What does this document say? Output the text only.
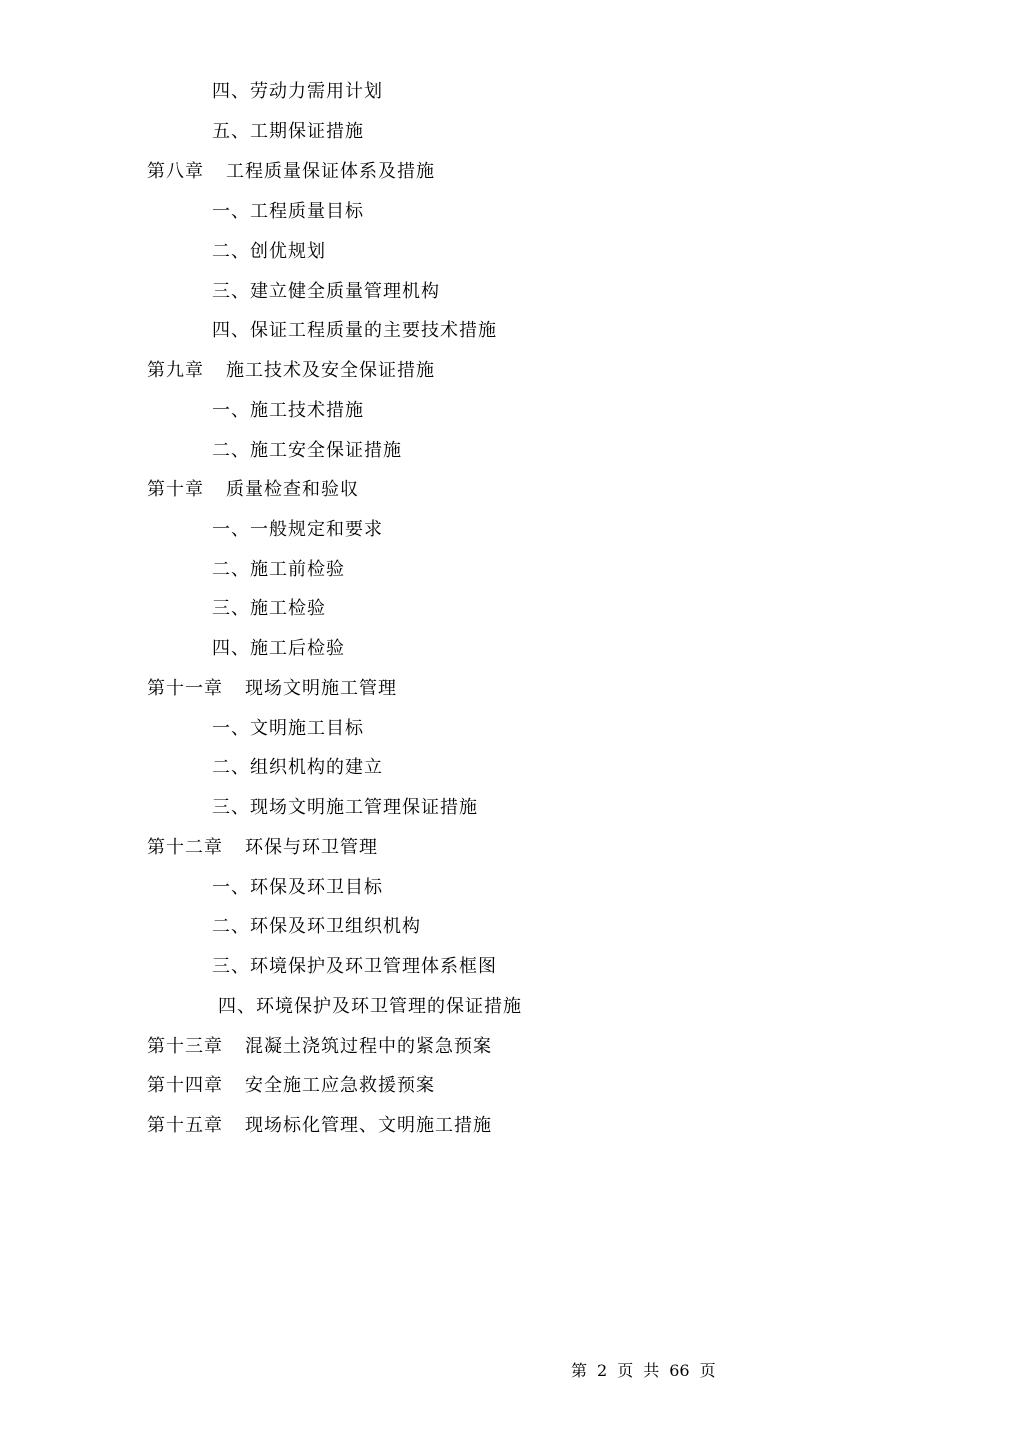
四、劳动力需用计划
五、工期保证措施
第八章 工程质量保证体系及措施
一、工程质量目标
二、创优规划
三、建立健全质量管理机构
四、保证工程质量的主要技术措施
第九章 施工技术及安全保证措施
一、施工技术措施
二、施工安全保证措施
第十章 质量检查和验収
一、一般规定和要求
二、施工前检验
三、施工检验
四、施工后检验
第十一章 现场文明施工管理
一、文明施工目标
二、组织机构的建立
三、现场文明施工管理保证措施
第十二章 环保与环卫管理
一、环保及环卫目标
二、环保及环卫组织机构
三、环境保护及环卫管理体系框图
四、环境保护及环卫管理的保证措施
第十三章 混凝土浇筑过程中的紧急预案
第十四章 安全施工应急救援预案
第十五章 现场标化管理、文明施工措施
第 2 页 共 66 页
